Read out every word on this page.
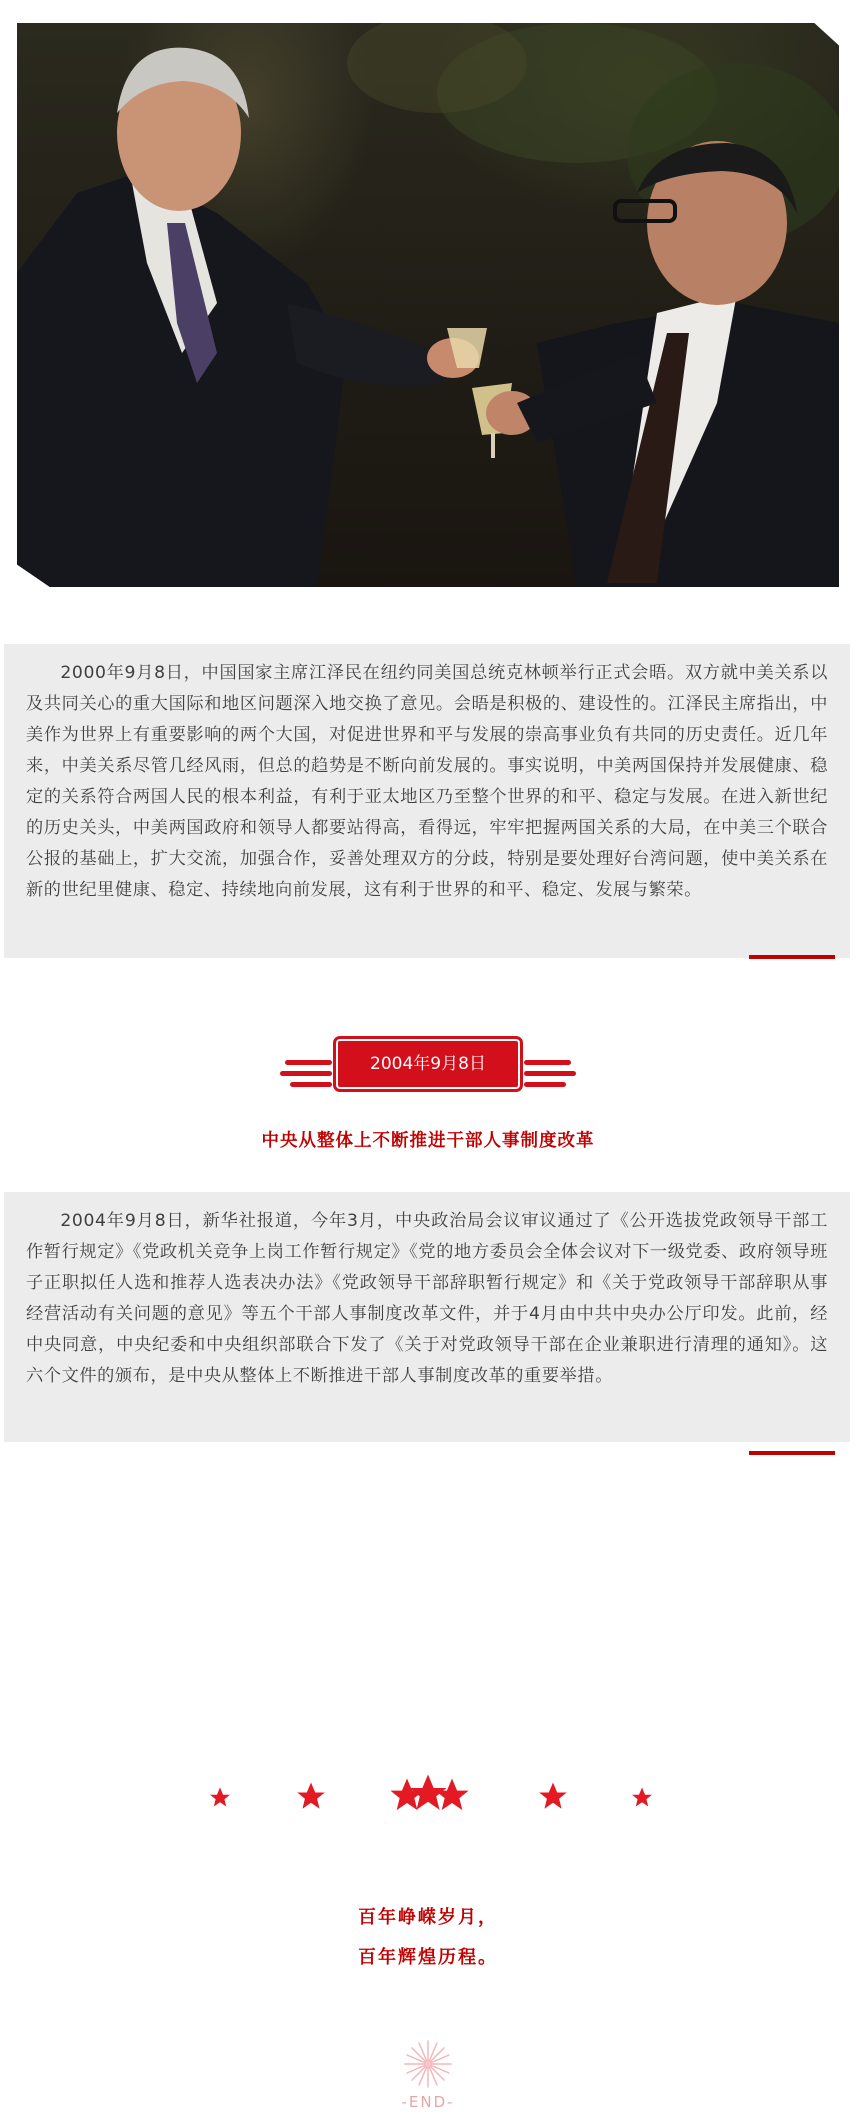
2000年9月8日，中国国家主席江泽民在纽约同美国总统克林顿举行正式会晤。双方就中美关系以及共同关心的重大国际和地区问题深入地交换了意见。会晤是积极的、建设性的。江泽民主席指出，中美作为世界上有重要影响的两个大国，对促进世界和平与发展的崇高事业负有共同的历史责任。近几年来，中美关系尽管几经风雨，但总的趋势是不断向前发展的。事实说明，中美两国保持并发展健康、稳定的关系符合两国人民的根本利益，有利于亚太地区乃至整个世界的和平、稳定与发展。在进入新世纪的历史关头，中美两国政府和领导人都要站得高，看得远，牢牢把握两国关系的大局，在中美三个联合公报的基础上，扩大交流，加强合作，妥善处理双方的分歧，特别是要处理好台湾问题，使中美关系在新的世纪里健康、稳定、持续地向前发展，这有利于世界的和平、稳定、发展与繁荣。

2004年9月8日
中央从整体上不断推进干部人事制度改革

2004年9月8日，新华社报道，今年3月，中央政治局会议审议通过了《公开选拔党政领导干部工作暂行规定》《党政机关竞争上岗工作暂行规定》《党的地方委员会全体会议对下一级党委、政府领导班子正职拟任人选和推荐人选表决办法》《党政领导干部辞职暂行规定》和《关于党政领导干部辞职从事经营活动有关问题的意见》等五个干部人事制度改革文件，并于4月由中共中央办公厅印发。此前，经中央同意，中央纪委和中央组织部联合下发了《关于对党政领导干部在企业兼职进行清理的通知》。这六个文件的颁布，是中央从整体上不断推进干部人事制度改革的重要举措。

百年峥嵘岁月，
百年辉煌历程。
-END-
